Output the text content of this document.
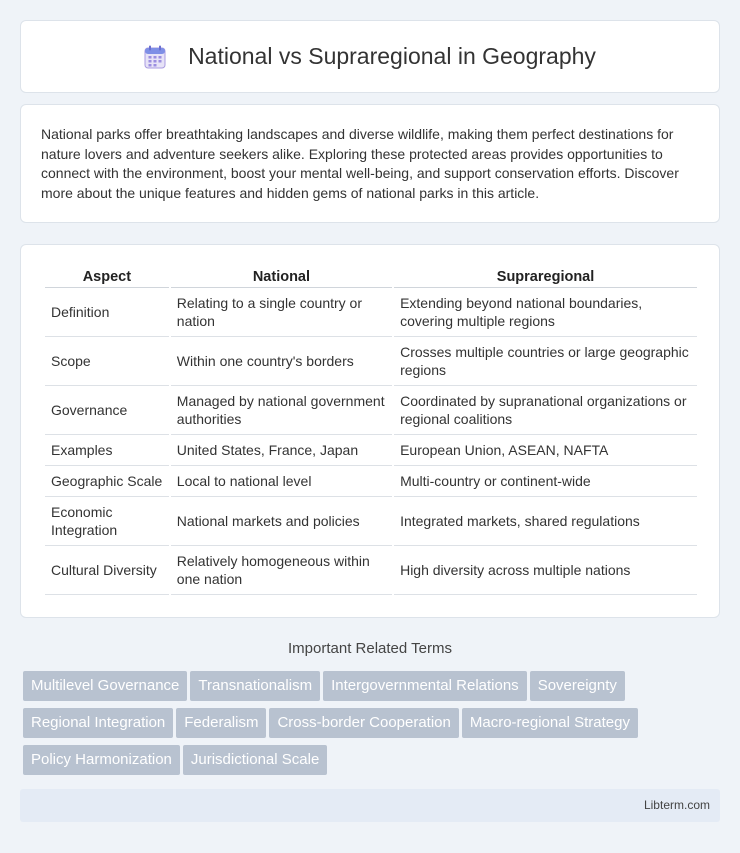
National vs Supraregional in Geography

National parks offer breathtaking landscapes and diverse wildlife, making them perfect destinations for nature lovers and adventure seekers alike. Exploring these protected areas provides opportunities to connect with the environment, boost your mental well-being, and support conservation efforts. Discover more about the unique features and hidden gems of national parks in this article.

Aspect	National	Supraregional
Definition	Relating to a single country or nation	Extending beyond national boundaries, covering multiple regions
Scope	Within one country's borders	Crosses multiple countries or large geographic regions
Governance	Managed by national government authorities	Coordinated by supranational organizations or regional coalitions
Examples	United States, France, Japan	European Union, ASEAN, NAFTA
Geographic Scale	Local to national level	Multi-country or continent-wide
Economic Integration	National markets and policies	Integrated markets, shared regulations
Cultural Diversity	Relatively homogeneous within one nation	High diversity across multiple nations
Important Related Terms
Multilevel Governance Transnationalism Intergovernmental Relations Sovereignty
Regional Integration Federalism Cross-border Cooperation Macro-regional Strategy
Policy Harmonization Jurisdictional Scale
Libterm.com
